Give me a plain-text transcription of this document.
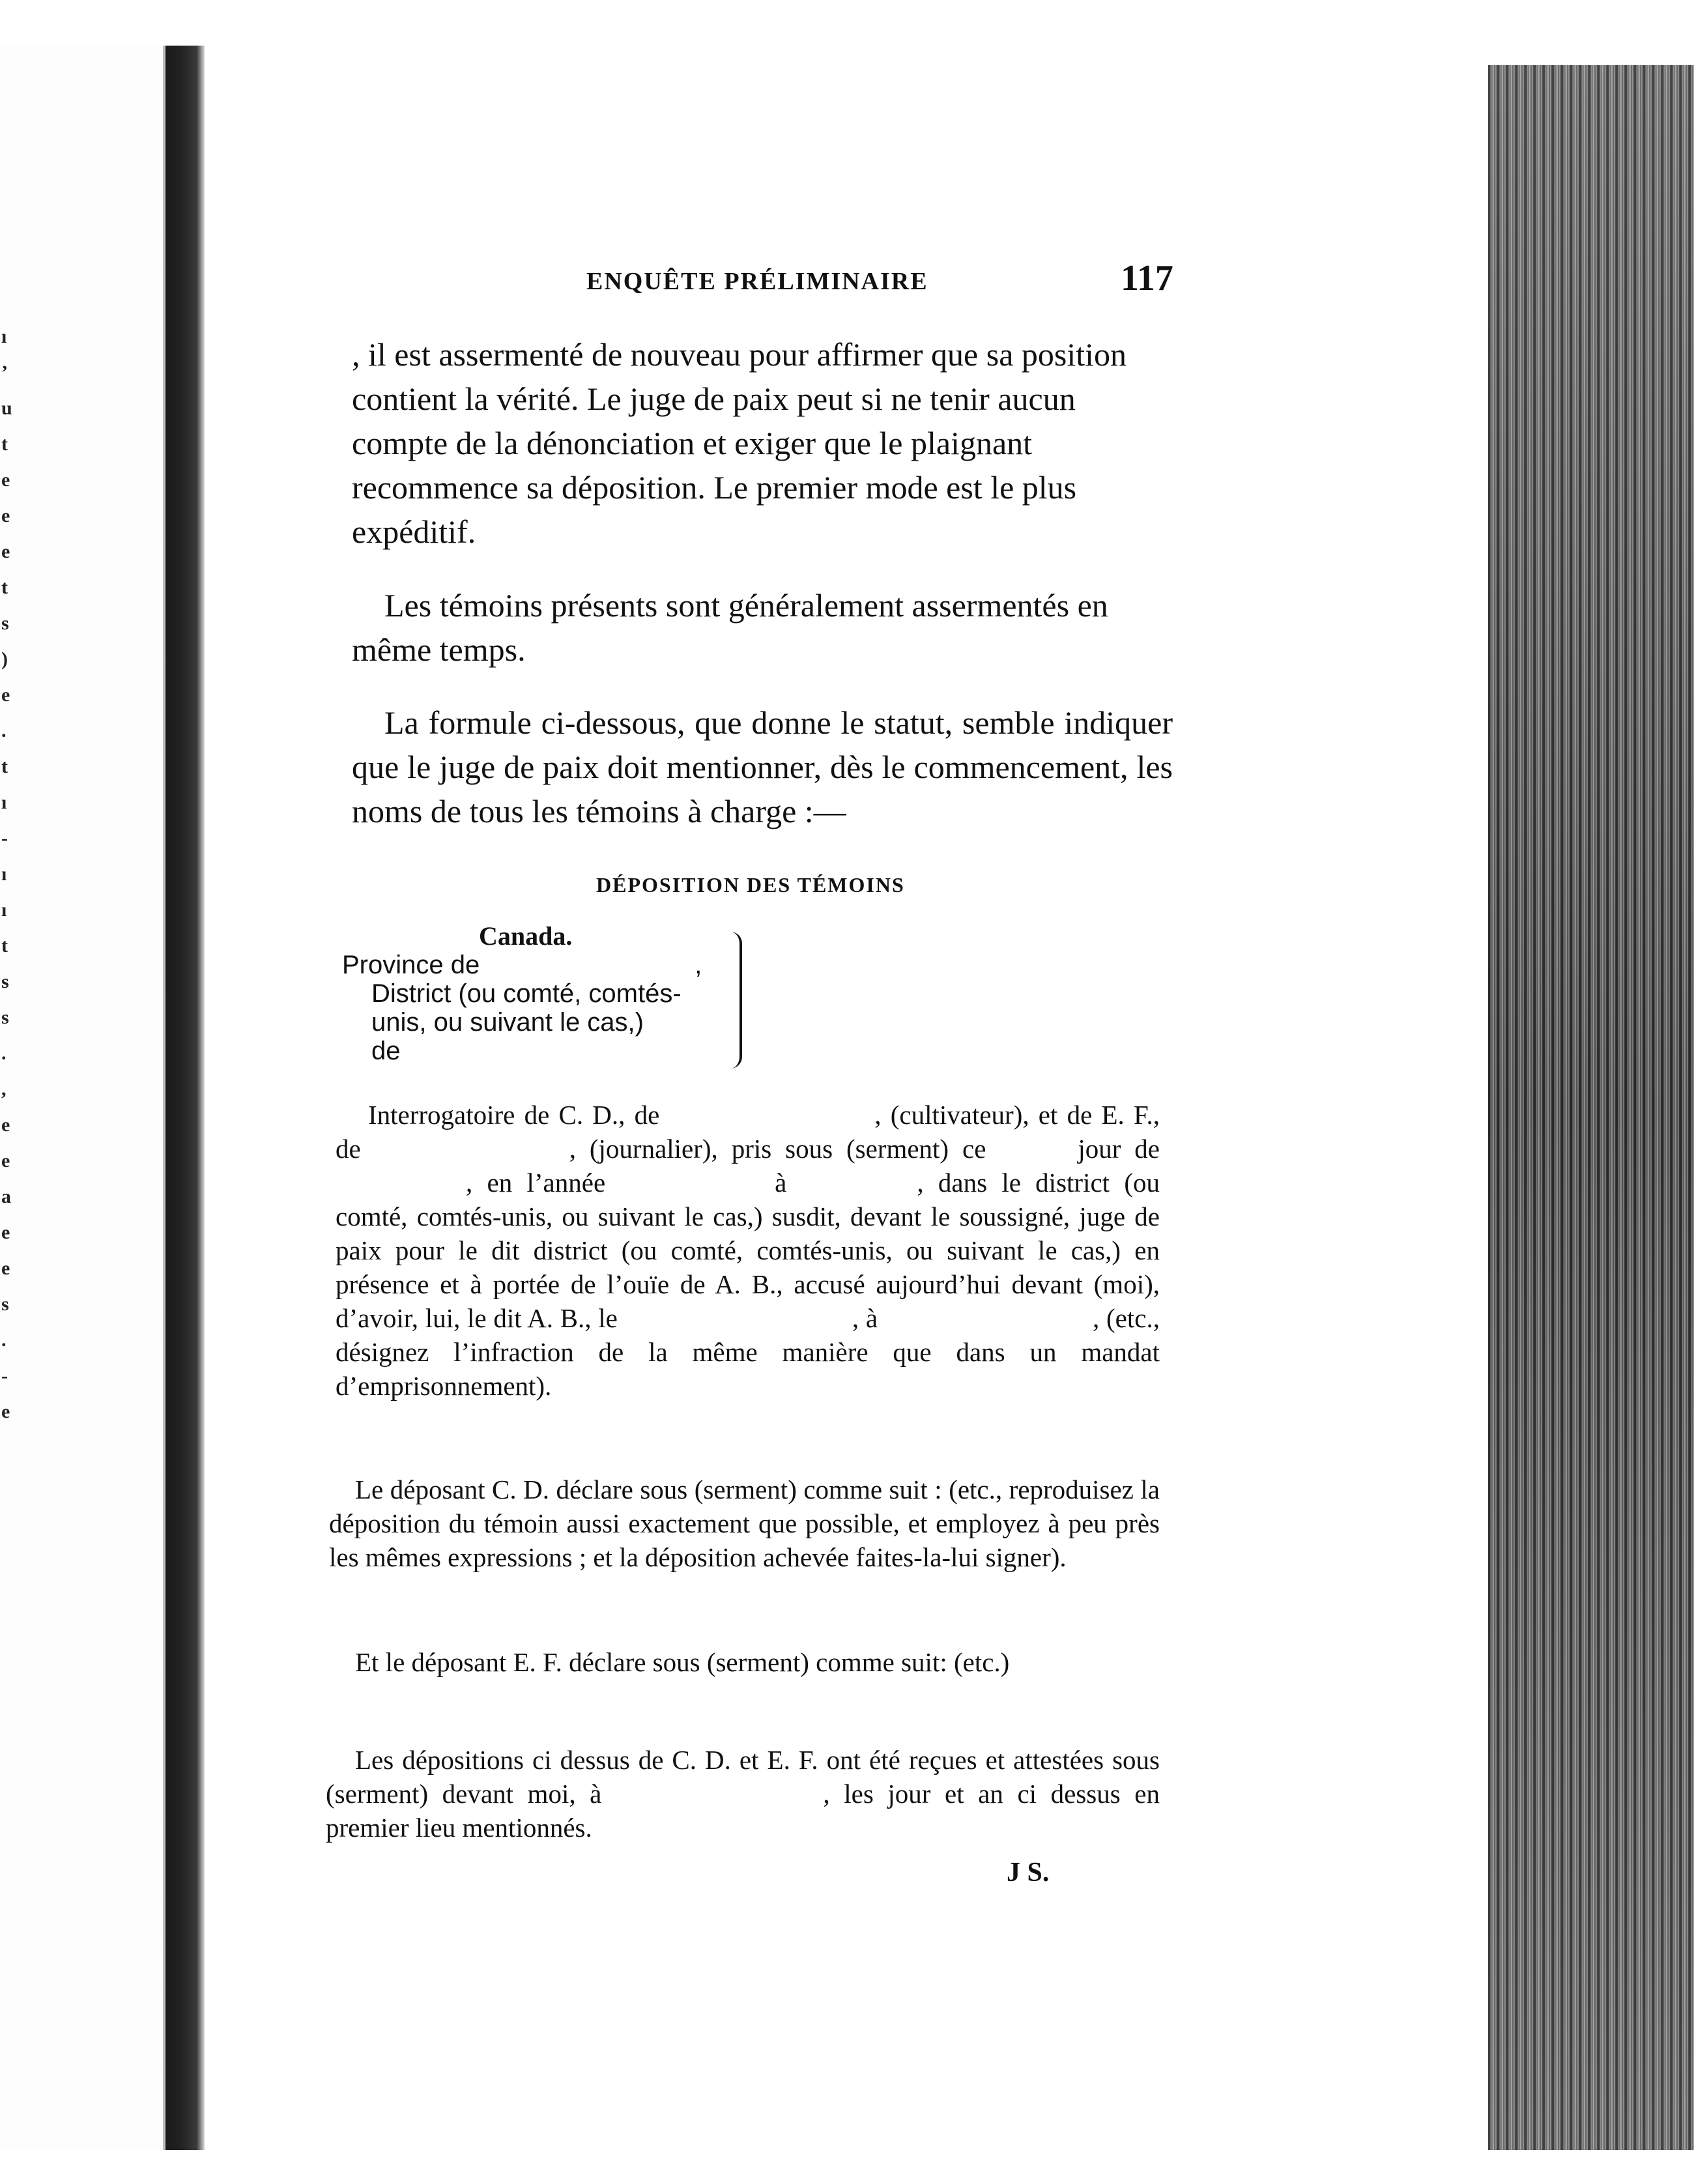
ı
’
u
t
e
e
e
t
s
)
e
.
t
ı
-
ı
ı
t
s
s
.
,
e
e
a
e
e
s
.
-
e
ENQUÊTE PRÉLIMINAIRE	117

, il est assermenté de nouveau pour affirmer que sa position contient la vérité. Le juge de paix peut si ne tenir aucun compte de la dénonciation et exiger que le plaignant recommence sa déposition. Le premier mode est le plus expéditif.

Les témoins présents sont généralement assermentés en même temps.

La formule ci-dessous, que donne le statut, semble indiquer que le juge de paix doit mentionner, dès le commencement, les noms de tous les témoins à charge :—

DÉPOSITION DES TÉMOINS
Canada.
Province de	,
District (ou comté, comtés-
unis, ou suivant le cas,)
de

Interrogatoire de C. D., de	, (cultivateur), et de E. F., de	, (journalier), pris sous (serment) ce	jour de, en l’année	à	, dans le district (ou comté, comtés-unis, ou suivant le cas,) susdit, devant le soussigné, juge de paix pour le dit district (ou comté, comtés-unis, ou suivant le cas,) en présence et à portée de l’ouïe de A. B., accusé aujourd’hui devant (moi), d’avoir, lui, le dit A. B., le	, à	, (etc., désignez l’infraction de la même manière que dans un mandat d’emprisonnement).

Le déposant C. D. déclare sous (serment) comme suit : (etc., reproduisez la déposition du témoin aussi exactement que possible, et employez à peu près les mêmes expressions ; et la déposition achevée faites-la-lui signer).

Et le déposant E. F. déclare sous (serment) comme suit: (etc.)

Les dépositions ci dessus de C. D. et E. F. ont été reçues et attestées sous (serment) devant moi, à	, les jour et an ci dessus en premier lieu mentionnés.

J S.
